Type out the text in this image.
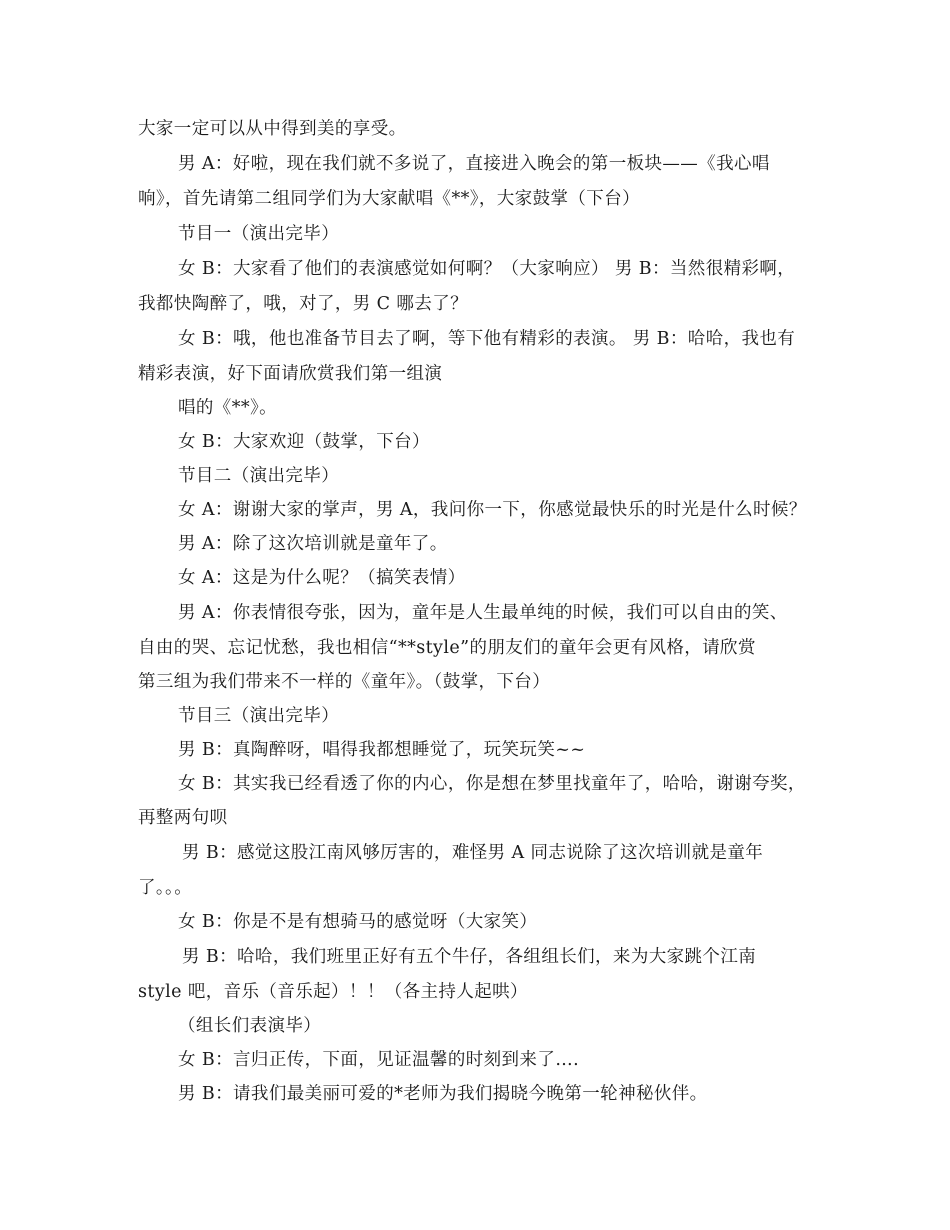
大家一定可以从中得到美的享受。

男 A：好啦，现在我们就不多说了，直接进入晚会的第一板块——《我心唱

响》，首先请第二组同学们为大家献唱《**》，大家鼓掌（下台）

节目一（演出完毕）

女 B：大家看了他们的表演感觉如何啊？（大家响应） 男 B：当然很精彩啊，

我都快陶醉了，哦，对了，男 C 哪去了？

女 B：哦，他也准备节目去了啊，等下他有精彩的表演。 男 B：哈哈，我也有

精彩表演，好下面请欣赏我们第一组演

唱的《**》。

女 B：大家欢迎（鼓掌，下台）

节目二（演出完毕）

女 A：谢谢大家的掌声，男 A，我问你一下，你感觉最快乐的时光是什么时候？

男 A：除了这次培训就是童年了。

女 A：这是为什么呢？（搞笑表情）

男 A：你表情很夸张，因为，童年是人生最单纯的时候，我们可以自由的笑、

自由的哭、忘记忧愁，我也相信“**style”的朋友们的童年会更有风格，请欣赏

第三组为我们带来不一样的《童年》。（鼓掌，下台）

节目三（演出完毕）

男 B：真陶醉呀，唱得我都想睡觉了，玩笑玩笑~~

女 B：其实我已经看透了你的内心，你是想在梦里找童年了，哈哈，谢谢夸奖，

再整两句呗

男 B：感觉这股江南风够厉害的，难怪男 A 同志说除了这次培训就是童年

了。。。

女 B：你是不是有想骑马的感觉呀（大家笑）

男 B：哈哈，我们班里正好有五个牛仔，各组组长们，来为大家跳个江南

style 吧，音乐（音乐起）！！（各主持人起哄）

（组长们表演毕）

女 B：言归正传，下面，见证温馨的时刻到来了….

男 B：请我们最美丽可爱的*老师为我们揭晓今晚第一轮神秘伙伴。
